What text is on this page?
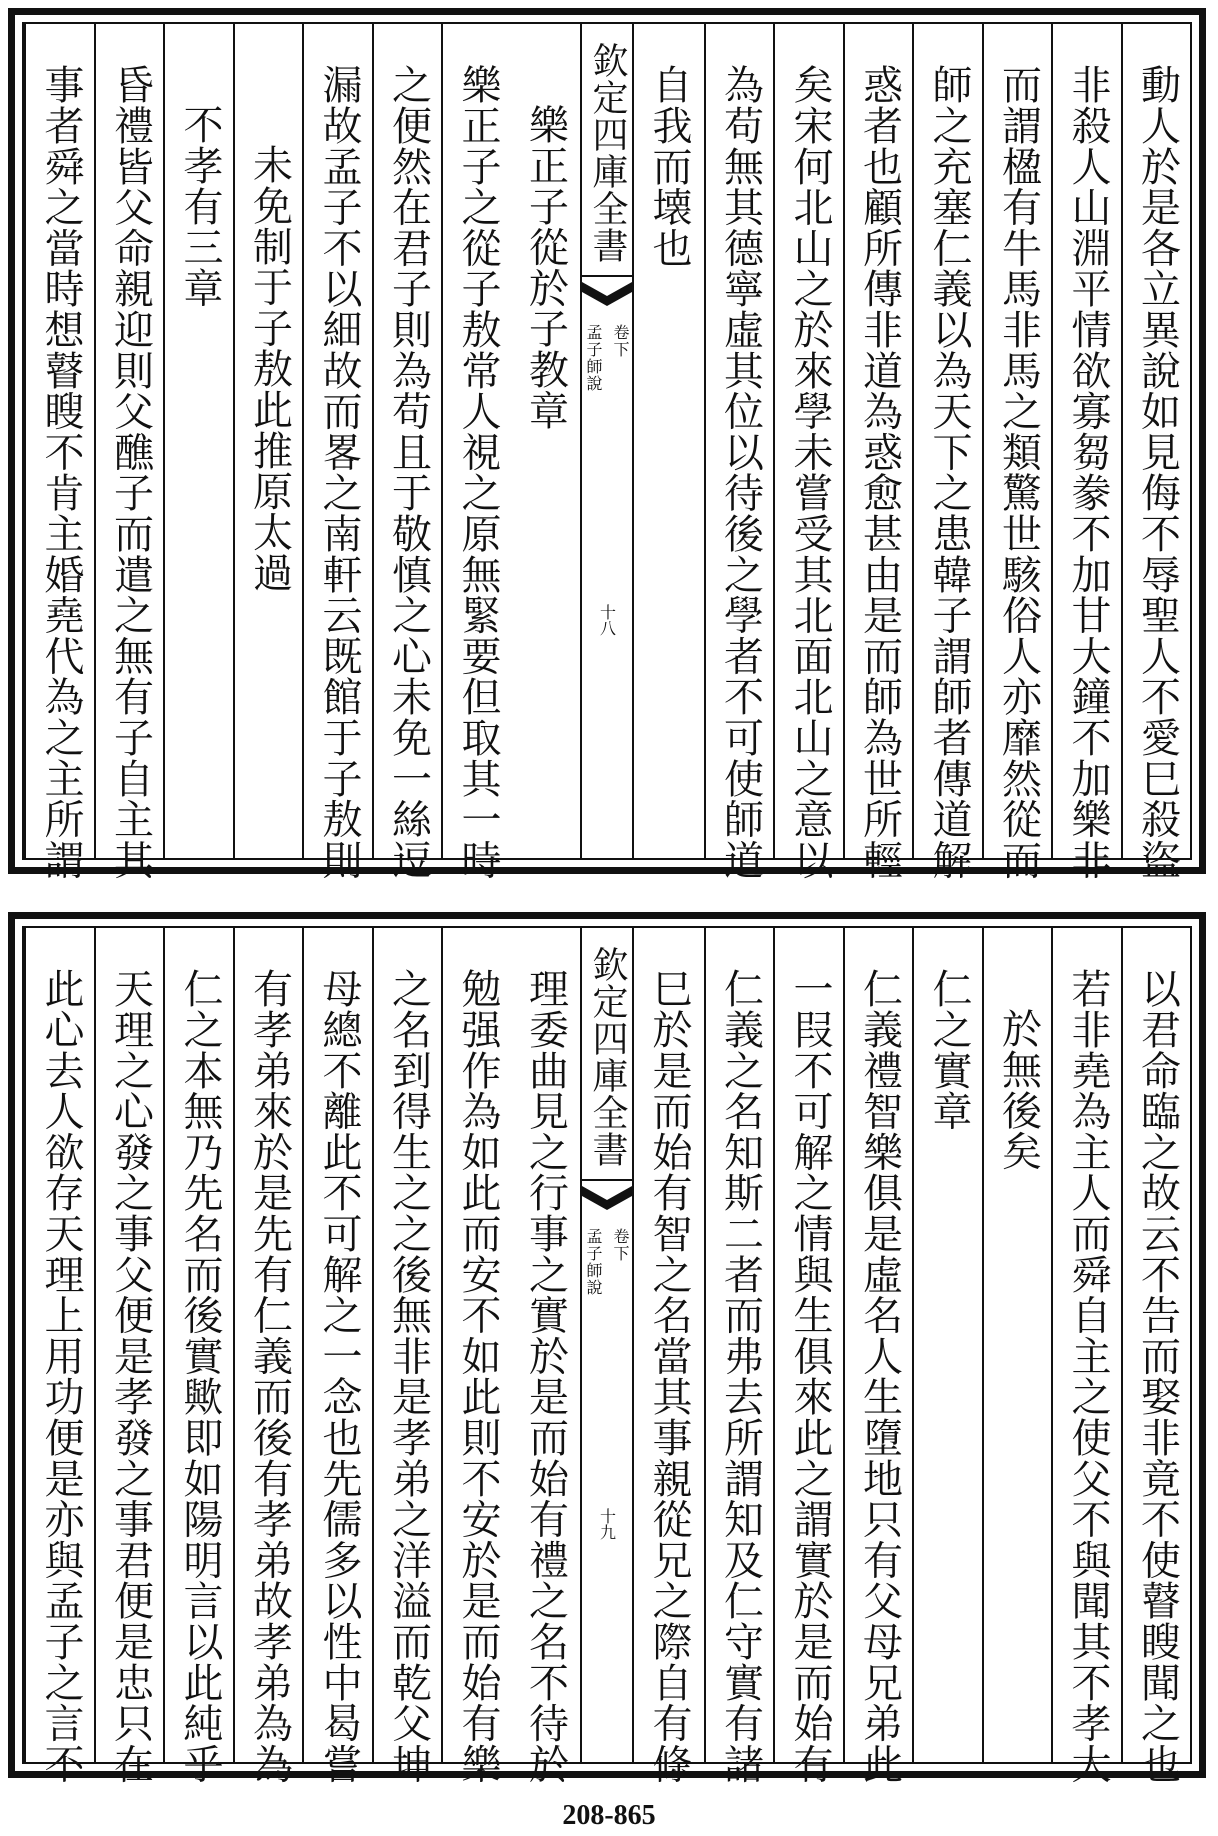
樂正子從於子教章
樂正子之從子敖常人視之原無緊要但取其一時
之便然在君子則為苟且于敬慎之心未免一絲逗
漏故孟子不以細故而畧之南軒云既館于子敖則
未免制于子敖此推原太過
不孝有三章
昏禮皆父命親迎則父醮子而遣之無有子自主其
事者舜之當時想瞽瞍不肯主婚堯代為之主所謂	欽定四庫全書
孟子師說 卷下
十八	動人於是各立異說如見侮不辱聖人不愛巳殺盜
非殺人山淵平情欲寡芻豢不加甘大鐘不加樂非
而謂楹有牛馬非馬之類驚世駭俗人亦靡然從而
師之充塞仁義以為天下之患韓子謂師者傳道解
惑者也顧所傳非道為惑愈甚由是而師為世所輕
矣宋何北山之於來學未嘗受其北面北山之意以
為苟無其德寧虛其位以待後之學者不可使師道
自我而壊也
理委曲見之行事之實於是而始有禮之名不待於
勉强作為如此而安不如此則不安於是而始有樂
之名到得生之之後無非是孝弟之洋溢而乾父坤
母總不離此不可解之一念也先儒多以性中曷嘗
有孝弟來於是先有仁義而後有孝弟故孝弟為為
仁之本無乃先名而後實歟即如陽明言以此純乎
天理之心發之事父便是孝發之事君便是忠只在
此心去人欲存天理上用功便是亦與孟子之言不	欽定四庫全書
孟子師說 卷下
十九	以君命臨之故云不告而娶非竟不使瞽瞍聞之也
若非堯為主人而舜自主之使父不與聞其不孝大
於無後矣
仁之實章
仁義禮智樂俱是虛名人生墮地只有父母兄弟此
一叚不可解之情與生俱來此之謂實於是而始有
仁義之名知斯二者而弗去所謂知及仁守實有諸
巳於是而始有智之名當其事親從兄之際自有條
208-865
